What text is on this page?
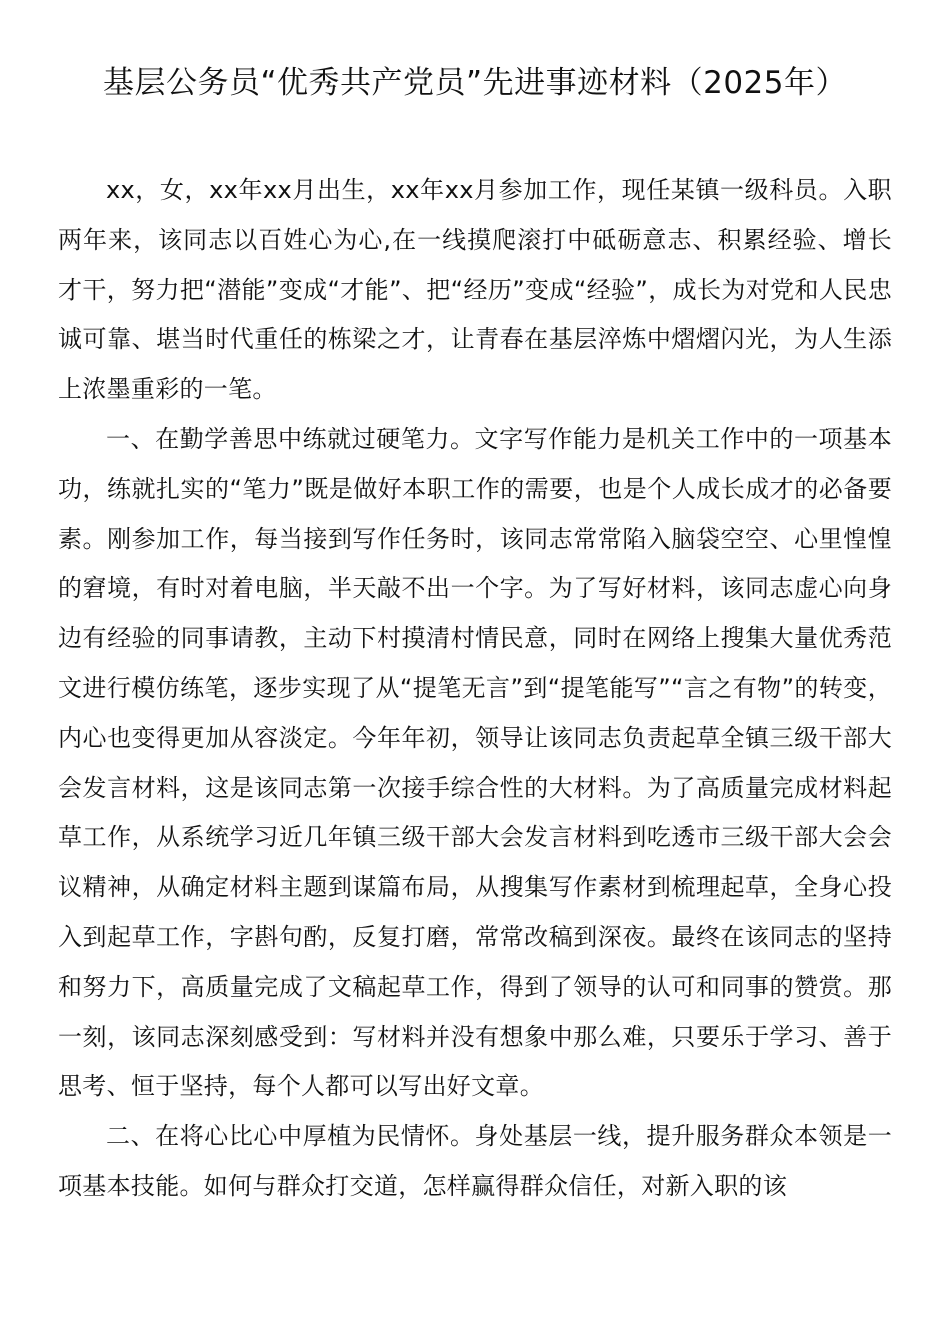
基层公务员“优秀共产党员”先进事迹材料（2025年）

xx，女，xx年xx月出生，xx年xx月参加工作，现任某镇一级科员。入职两年来，该同志以百姓心为心,在一线摸爬滚打中砥砺意志、积累经验、增长才干，努力把“潜能”变成“才能”、把“经历”变成“经验”，成长为对党和人民忠诚可靠、堪当时代重任的栋梁之才，让青春在基层淬炼中熠熠闪光，为人生添上浓墨重彩的一笔。

一、在勤学善思中练就过硬笔力。文字写作能力是机关工作中的一项基本功，练就扎实的“笔力”既是做好本职工作的需要，也是个人成长成才的必备要素。刚参加工作，每当接到写作任务时，该同志常常陷入脑袋空空、心里惶惶的窘境，有时对着电脑，半天敲不出一个字。为了写好材料，该同志虚心向身边有经验的同事请教，主动下村摸清村情民意，同时在网络上搜集大量优秀范文进行模仿练笔，逐步实现了从“提笔无言”到“提笔能写”“言之有物”的转变，内心也变得更加从容淡定。今年年初，领导让该同志负责起草全镇三级干部大会发言材料，这是该同志第一次接手综合性的大材料。为了高质量完成材料起草工作，从系统学习近几年镇三级干部大会发言材料到吃透市三级干部大会会议精神，从确定材料主题到谋篇布局，从搜集写作素材到梳理起草，全身心投入到起草工作，字斟句酌，反复打磨，常常改稿到深夜。最终在该同志的坚持和努力下，高质量完成了文稿起草工作，得到了领导的认可和同事的赞赏。那一刻，该同志深刻感受到：写材料并没有想象中那么难，只要乐于学习、善于思考、恒于坚持，每个人都可以写出好文章。

二、在将心比心中厚植为民情怀。身处基层一线，提升服务群众本领是一项基本技能。如何与群众打交道，怎样赢得群众信任，对新入职的该
